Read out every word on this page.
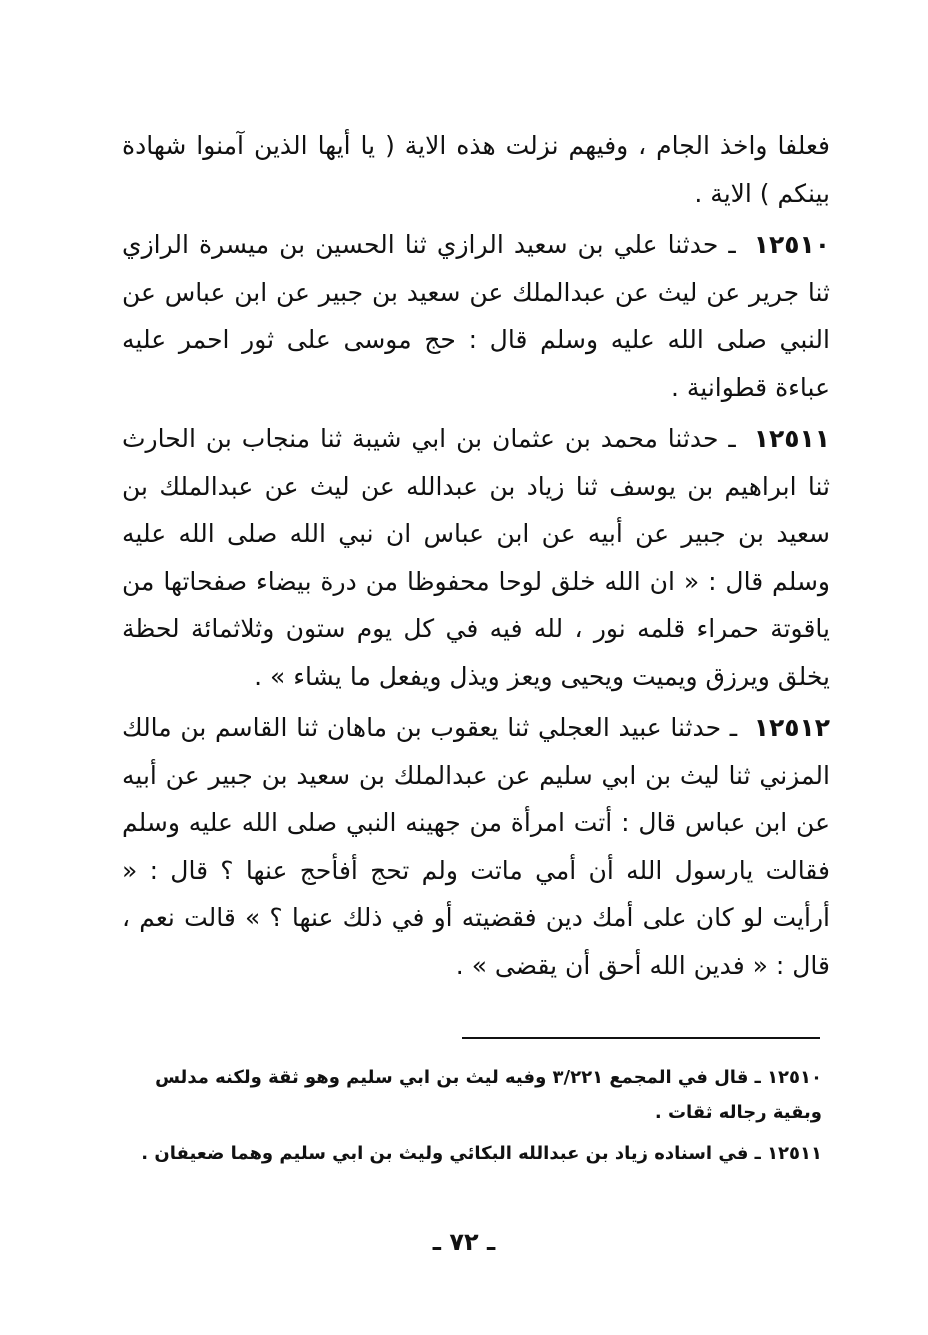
فعلفا واخذ الجام ، وفيهم نزلت هذه الاية ( يا أيها الذين آمنوا شهادة بينكم ) الاية .

١٢٥١٠ ـ حدثنا علي بن سعيد الرازي ثنا الحسين بن ميسرة الرازي ثنا جرير عن ليث عن عبدالملك عن سعيد بن جبير عن ابن عباس عن النبي صلى الله عليه وسلم قال : حج موسى على ثور احمر عليه عباءة قطوانية .

١٢٥١١ ـ حدثنا محمد بن عثمان بن ابي شيبة ثنا منجاب بن الحارث ثنا ابراهيم بن يوسف ثنا زياد بن عبدالله عن ليث عن عبدالملك بن سعيد بن جبير عن أبيه عن ابن عباس ان نبي الله صلى الله عليه وسلم قال : « ان الله خلق لوحا محفوظا من درة بيضاء صفحاتها من ياقوتة حمراء قلمه نور ، لله فيه في كل يوم ستون وثلاثمائة لحظة يخلق ويرزق ويميت ويحيى ويعز ويذل ويفعل ما يشاء » .

١٢٥١٢ ـ حدثنا عبيد العجلي ثنا يعقوب بن ماهان ثنا القاسم بن مالك المزني ثنا ليث بن ابي سليم عن عبدالملك بن سعيد بن جبير عن أبيه عن ابن عباس قال : أتت امرأة من جهينه النبي صلى الله عليه وسلم فقالت يارسول الله أن أمي ماتت ولم تحج أفأحج عنها ؟ قال : « أرأيت لو كان على أمك دين فقضيته أو في ذلك عنها ؟ » قالت نعم ، قال : « فدين الله أحق أن يقضى » .

١٢٥١٠ ـ قال في المجمع ٣/٢٢١ وفيه ليث بن ابي سليم وهو ثقة ولكنه مدلس وبقية رجاله ثقات .

١٢٥١١ ـ في اسناده زياد بن عبدالله البكائي وليث بن ابي سليم وهما ضعيفان .

ـ ٧٢ ـ
